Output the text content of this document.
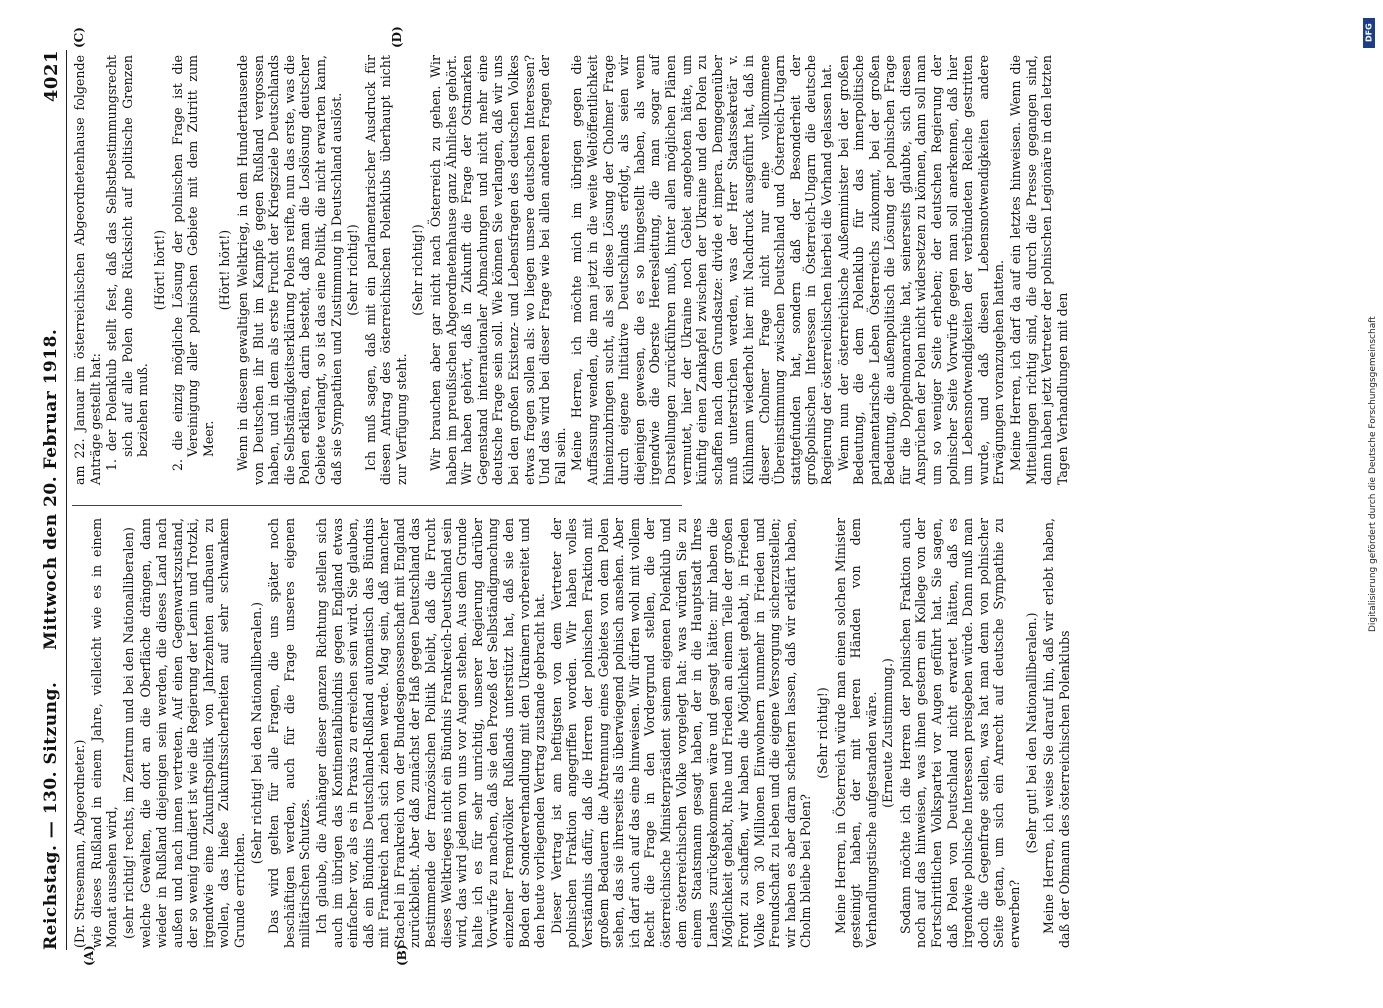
Reichstag. — 130. Sitzung.
Mittwoch den 20. Februar 1918.
4021
(A)	(B)
(C)	(D)

(Dr. Stresemann, Abgeordneter.) wie dieses Rußland in einem Jahre, vielleicht wie es in einem Monat aussehen wird, (sehr richtig! rechts, im Zentrum und bei den Nationalliberalen) welche Gewalten, die dort an die Oberfläche drängen, dann wieder in Rußland diejenigen sein werden, die dieses Land nach außen und nach innen vertreten. Auf einen Gegenwartszustand, der so wenig fundiert ist wie die Regierung der Lenin und Trotzki, irgendwie eine Zukunftspolitik von Jahrzehnten aufbauen zu wollen, das hieße Zukunftssicherheiten auf sehr schwankem Grunde errichten.

(Sehr richtig! bei den Nationalliberalen.) Das wird gelten für alle Fragen, die uns später noch beschäftigen werden, auch für die Frage unseres eigenen militärischen Schutzes. Ich glaube, die Anhänger dieser ganzen Richtung stellen sich auch im übrigen das Kontinentalbündnis gegen England etwas einfacher vor, als es in Praxis zu erreichen sein wird. Sie glauben, daß ein Bündnis Deutschland-Rußland automatisch das Bündnis mit Frankreich nach sich ziehen werde. Mag sein, daß mancher Stachel in Frankreich von der Bundesgenossenschaft mit England zurückbleibt. Aber daß zunächst der Haß gegen Deutschland das Bestimmende der französischen Politik bleibt, daß die Frucht dieses Weltkrieges nicht ein Bündnis Frankreich-Deutschland sein wird, das wird jedem von uns vor Augen stehen. Aus dem Grunde halte ich es für sehr unrichtig, unserer Regierung darüber Vorwürfe zu machen, daß sie den Prozeß der Selbständigmachung einzelner Fremdvölker Rußlands unterstützt hat, daß sie den Boden der Sonderverhandlung mit den Ukrainern vorbereitet und den heute vorliegenden Vertrag zustande gebracht hat. Dieser Vertrag ist am heftigsten von dem Vertreter der polnischen Fraktion angegriffen worden. Wir haben volles Verständnis dafür, daß die Herren der polnischen Fraktion mit großem Bedauern die Abtrennung eines Gebietes von dem Polen sehen, das sie ihrerseits als überwiegend polnisch ansehen. Aber ich darf auch auf das eine hinweisen. Wir dürfen wohl mit vollem Recht die Frage in den Vordergrund stellen, die der österreichische Ministerpräsident seinem eigenen Polenklub und dem österreichischen Volke vorgelegt hat: was würden Sie zu einem Staatsmann gesagt haben, der in die Hauptstadt Ihres Landes zurückgekommen wäre und gesagt hätte: mir haben die Möglichkeit gehabt, Ruhe und Frieden an einem Teile der großen Front zu schaffen, wir haben die Möglichkeit gehabt, in Frieden Volke von 30 Millionen Einwohnern nunmehr in Frieden und Freundschaft zu leben und die eigene Versorgung sicherzustellen; wir haben es aber daran scheitern lassen, daß wir erklärt haben, Cholm bleibe bei Polen?

(Sehr richtig!) Meine Herren, in Österreich würde man einen solchen Minister gesteinigt haben, der mit leeren Händen von dem Verhandlungstische aufgestanden wäre. (Erneute Zustimmung.) Sodann möchte ich die Herren der polnischen Fraktion auch noch auf das hinweisen, was ihnen gestern ein Kollege von der Fortschrittlichen Volkspartei vor Augen geführt hat. Sie sagen, daß Polen von Deutschland nicht erwartet hätten, daß es irgendwie polnische Interessen preisgeben würde. Dann muß man doch die Gegenfrage stellen, was hat man denn von polnischer Seite getan, um sich ein Anrecht auf deutsche Sympathie zu erwerben?

(Sehr gut! bei den Nationalliberalen.) Meine Herren, ich weise Sie darauf hin, daß wir erlebt haben, daß der Obmann des österreichischen Polenklubs

am 22. Januar im österreichischen Abgeordnetenhause folgende Anträge gestellt hat: 1. der Polenklub stellt fest, daß das Selbstbestimmungsrecht sich auf alle Polen ohne Rücksicht auf politische Grenzen beziehen muß.

(Hört! hört!) 2. die einzig mögliche Lösung der polnischen Frage ist die Vereinigung aller polnischen Gebiete mit dem Zutritt zum Meer.

(Hört! hört!) Wenn in diesem gewaltigen Weltkrieg, in dem Hunderttausende von Deutschen ihr Blut im Kampfe gegen Rußland vergossen haben, und in dem als erste Frucht der Kriegsziele Deutschlands die Selbständigkeitserklärung Polens reifte, nun das erste, was die Polen erklären, darin besteht, daß man die Loslösung deutscher Gebiete verlangt, so ist das eine Politik, die nicht erwarten kann, daß sie Sympathien und Zustimmung in Deutschland auslöst. (Sehr richtig!) Ich muß sagen, daß mit ein parlamentarischer Ausdruck für diesen Antrag des österreichischen Polenklubs überhaupt nicht zur Verfügung steht.

(Sehr richtig!) Wir brauchen aber gar nicht nach Österreich zu gehen. Wir haben im preußischen Abgeordnetenhause ganz Ähnliches gehört. Wir haben gehört, daß in Zukunft die Frage der Ostmarken Gegenstand internationaler Abmachungen und nicht mehr eine deutsche Frage sein soll. Wie können Sie verlangen, daß wir uns bei den großen Existenz- und Lebensfragen des deutschen Volkes etwas fragen sollen als: wo liegen unsere deutschen Interessen? Und das wird bei dieser Frage wie bei allen anderen Fragen der Fall sein. Meine Herren, ich möchte mich im übrigen gegen die Auffassung wenden, die man jetzt in die weite Weltöffentlichkeit hineinzubringen sucht, als sei diese Lösung der Cholmer Frage durch eigene Initiative Deutschlands erfolgt, als seien wir diejenigen gewesen, die es so hingestellt haben, als wenn irgendwie die Oberste Heeresleitung, die man sogar auf Darstellungen zurückführen muß, hinter allen möglichen Plänen vermutet, hier der Ukraine noch Gebiet angeboten hätte, um künftig einen Zankapfel zwischen der Ukraine und den Polen zu schaffen nach dem Grundsatze: divide et impera. Demgegenüber muß unterstrichen werden, was der Herr Staatssekretär v. Kühlmann wiederholt hier mit Nachdruck ausgeführt hat, daß in dieser Cholmer Frage nicht nur eine vollkommene Übereinstimmung zwischen Deutschland und Österreich-Ungarn stattgefunden hat, sondern daß der Besonderheit der großpolnischen Interessen in Österreich-Ungarn die deutsche Regierung der österreichischen hierbei die Vorhand gelassen hat. Wenn nun der österreichische Außenminister bei der großen Bedeutung, die dem Polenklub für das innerpolitische parlamentarische Leben Österreichs zukommt, bei der großen Bedeutung, die außenpolitisch die Lösung der polnischen Frage für die Doppelmonarchie hat, seinerseits glaubte, sich diesen Ansprüchen der Polen nicht widersetzen zu können, dann soll man um so weniger Seite erheben; der deutschen Regierung der polnischer Seite Vorwürfe gegen man soll anerkennen, daß hier um Lebensnotwendigkeiten der verbündeten Reiche gestritten wurde, und daß diesen Lebensnotwendigkeiten andere Erwägungen voranzugehen hatten. Meine Herren, ich darf da auf ein letztes hinweisen. Wenn die Mitteilungen richtig sind, die durch die Presse gegangen sind, dann haben jetzt Vertreter der polnischen Legionäre in den letzten Tagen Verhandlungen mit den

DFG
Digitalisierung gefördert durch die Deutsche Forschungsgemeinschaft
